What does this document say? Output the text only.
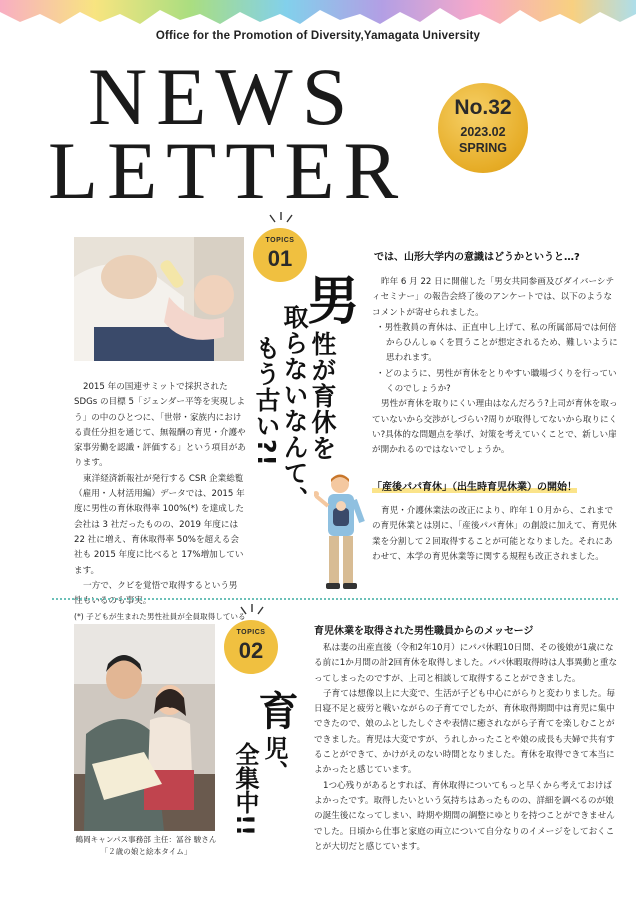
Office for the Promotion of Diversity,Yamagata University
NEWS
LETTER
No.32
2023.02
SPRING
TOPICS
01

2015 年の国連サミットで採択された SDGs の目標 5「ジェンダー平等を実現しよう」の中のひとつに、「世帯・家族内における責任分担を通じて、無報酬の育児・介護や家事労働を認識・評価する」という項目があります。

東洋経済新報社が発行する CSR 企業総覧（雇用・人材活用編）データでは、2015 年度に男性の育休取得率 100%(*) を達成した会社は 3 社だったものの、2019 年度には 22 社に増え、育休取得率 50%を超える会社も 2015 年度に比べると 17%増加しています。

一方で、クビを覚悟で取得するという男性もいるのも事実。

(*) 子どもが生まれた男性社員が全員取得している

男
性が育休を
取らないなんて、
もう古い?!
では、山形大学内の意識はどうかというと…?

昨年 6 月 22 日に開催した「男女共同参画及びダイバーシティセミナー」の報告会終了後のアンケートでは、以下のようなコメントが寄せられました。

・男性教員の育休は、正直申し上げて、私の所属部局では何倍からひんしゅくを買うことが想定されるため、難しいように思われます。

・どのように、男性が育休をとりやすい職場づくりを行っていくのでしょうか?

男性が育休を取りにくい理由はなんだろう?上司が育休を取っていないから交渉がしづらい?周りが取得してないから取りにくい?具体的な問題点を挙げ、対策を考えていくことで、新しい扉が開かれるのではないでしょうか。

「産後パパ育休」（出生時育児休業）の開始！

育児・介護休業法の改正により、昨年１０月から、これまでの育児休業とは別に、「産後パパ育休」の創設に加えて、育児休業を分割して２回取得することが可能となりました。それにあわせて、本学の育児休業等に関する規程も改正されました。

TOPICS
02
鶴岡キャンパス事務部 主任：冨谷 駿さん
「２歳の娘と絵本タイム」
育
児、
全集中!!
育児休業を取得された男性職員からのメッセージ

私は妻の出産直後（令和2年10月）にパパ休暇10日間、その後娘が1歳になる前に1か月間の計2回育休を取得しました。パパ休暇取得時は人事異動と重なってしまったのですが、上司と相談して取得することができました。

子育ては想像以上に大変で、生活が子ども中心にがらりと変わりました。毎日寝不足と疲労と戦いながらの子育てでしたが、育休取得期間中は育児に集中できたので、娘のふとしたしぐさや表情に癒されながら子育てを楽しむことができました。育児は大変ですが、うれしかったことや娘の成長も夫婦で共有することができて、かけがえのない時間となりました。育休を取得できて本当によかったと感じています。

1つ心残りがあるとすれば、育休取得についてもっと早くから考えておけばよかったです。取得したいという気持ちはあったものの、詳細を調べるのが娘の誕生後になってしまい、時期や期間の調整にゆとりを持つことができませんでした。日頃から仕事と家庭の両立について自分なりのイメージをしておくことが大切だと感じています。
